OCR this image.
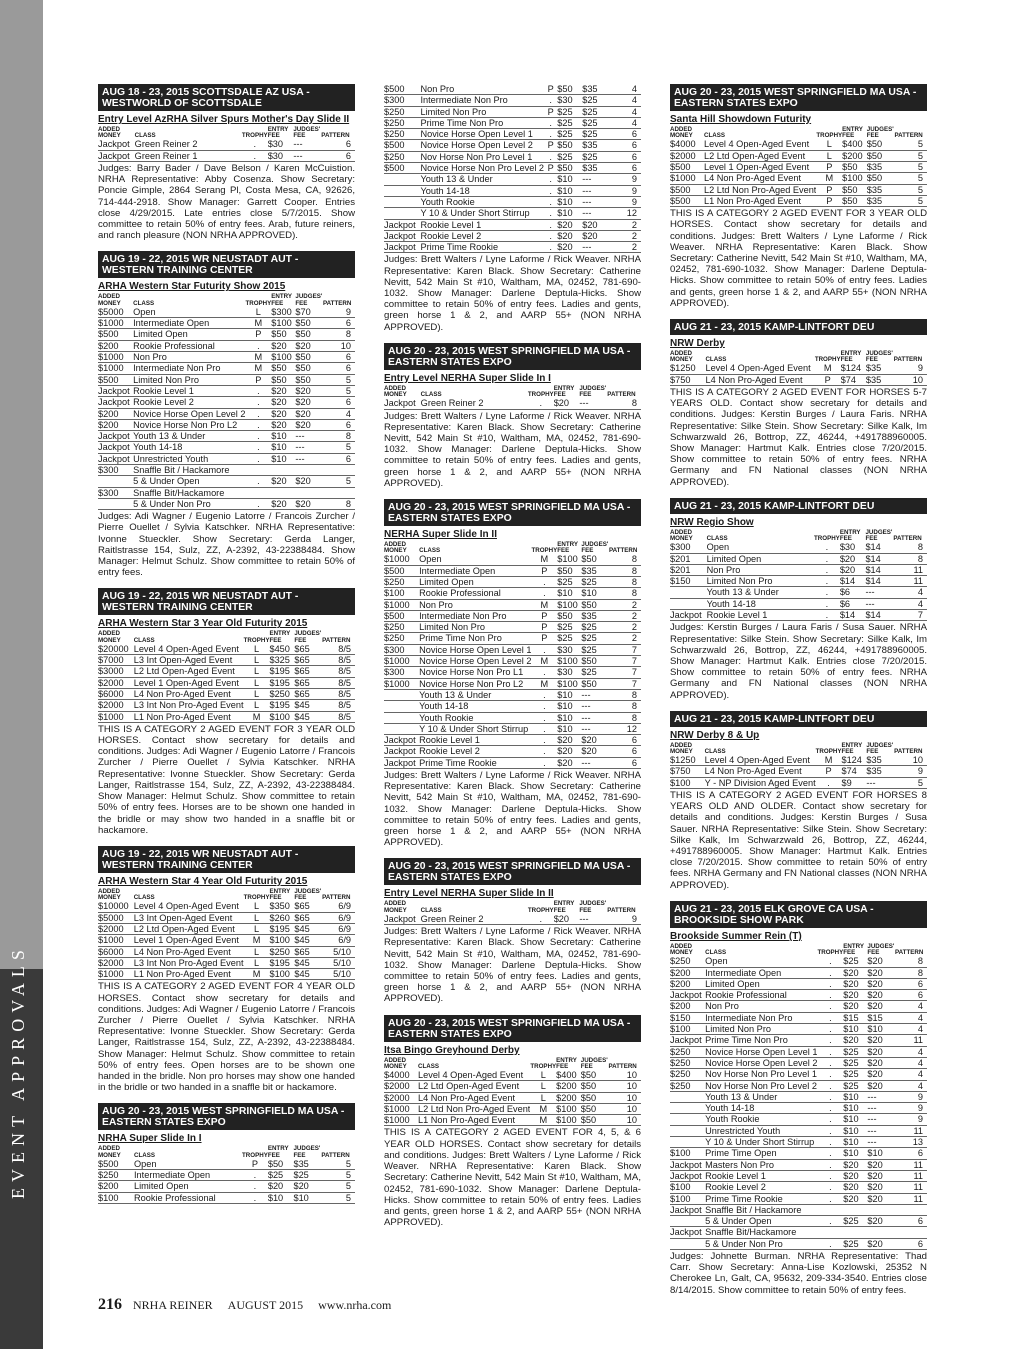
EVENT APPROVALS
AUG 18 - 23, 2015 SCOTTSDALE AZ USA - WESTWORLD OF SCOTTSDALE
Entry Level AzRHA Silver Spurs Mother's Day Slide II
ADDED MONEY	CLASS	TROPHY	ENTRY FEE	JUDGES' FEE	PATTERN
Jackpot	Green Reiner 2	.	$30	---	6
Jackpot	Green Reiner 1	.	$30	---	6
Judges: Barry Bader / Dave Belson / Karen McCuistion. NRHA Representative: Abby Cosenza. Show Secretary: Poncie Gimple, 2864 Serang Pl, Costa Mesa, CA, 92626, 714-444-2918. Show Manager: Garrett Cooper. Entries close 4/29/2015. Late entries close 5/7/2015. Show committee to retain 50% of entry fees. Arab, future reiners, and ranch pleasure (NON NRHA APPROVED).
AUG 19 - 22, 2015 WR NEUSTADT AUT - WESTERN TRAINING CENTER
ARHA Western Star Futurity Show 2015
ADDED MONEY	CLASS	TROPHY	ENTRY FEE	JUDGES' FEE	PATTERN
$5000	Open	L	$300	$70	9
$1000	Intermediate Open	M	$100	$50	6
$500	Limited Open	P	$50	$50	8
$200	Rookie Professional	.	$20	$20	10
$1000	Non Pro	M	$100	$50	6
$1000	Intermediate Non Pro	M	$50	$50	6
$500	Limited Non Pro	P	$50	$50	5
Jackpot	Rookie Level 1	.	$20	$20	5
Jackpot	Rookie Level 2	.	$20	$20	6
$200	Novice Horse Open Level 2	.	$20	$20	4
$200	Novice Horse Non Pro L2	.	$20	$20	6
Jackpot	Youth 13 & Under	.	$10	---	8
Jackpot	Youth 14-18	.	$10	---	5
Jackpot	Unrestricted Youth	.	$10	---	6
$300	Snaffle Bit / Hackamore				
	5 & Under Open	.	$20	$20	5
$300	Snaffle Bit/Hackamore				
	5 & Under Non Pro	.	$20	$20	8
Judges: Adi Wagner / Eugenio Latorre / Francois Zurcher / Pierre Ouellet / Sylvia Katschker. NRHA Representative: Ivonne Stueckler. Show Secretary: Gerda Langer, Raitlstrasse 154, Sulz, ZZ, A-2392, 43-22388484. Show Manager: Helmut Schulz. Show committee to retain 50% of entry fees.
AUG 19 - 22, 2015 WR NEUSTADT AUT - WESTERN TRAINING CENTER
ARHA Western Star 3 Year Old Futurity 2015
ADDED MONEY	CLASS	TROPHY	ENTRY FEE	JUDGES' FEE	PATTERN
$20000	Level 4 Open-Aged Event	L	$450	$65	8/5
$7000	L3 Int Open-Aged Event	L	$325	$65	8/5
$3000	L2 Ltd Open-Aged Event	L	$195	$65	8/5
$2000	Level 1 Open-Aged Event	L	$195	$65	8/5
$6000	L4 Non Pro-Aged Event	L	$250	$65	8/5
$2000	L3 Int Non Pro-Aged Event	L	$195	$45	8/5
$1000	L1 Non Pro-Aged Event	M	$100	$45	8/5
THIS IS A CATEGORY 2 AGED EVENT FOR 3 YEAR OLD HORSES. Contact show secretary for details and conditions. Judges: Adi Wagner / Eugenio Latorre / Francois Zurcher / Pierre Ouellet / Sylvia Katschker. NRHA Representative: Ivonne Stueckler. Show Secretary: Gerda Langer, Raitlstrasse 154, Sulz, ZZ, A-2392, 43-22388484. Show Manager: Helmut Schulz. Show committee to retain 50% of entry fees. Horses are to be shown one handed in the bridle or may show two handed in a snaffle bit or hackamore.
AUG 19 - 22, 2015 WR NEUSTADT AUT - WESTERN TRAINING CENTER
ARHA Western Star 4 Year Old Futurity 2015
ADDED MONEY	CLASS	TROPHY	ENTRY FEE	JUDGES' FEE	PATTERN
$10000	Level 4 Open-Aged Event	L	$350	$65	6/9
$5000	L3 Int Open-Aged Event	L	$260	$65	6/9
$2000	L2 Ltd Open-Aged Event	L	$195	$45	6/9
$1000	Level 1 Open-Aged Event	M	$100	$45	6/9
$6000	L4 Non Pro-Aged Event	L	$250	$65	5/10
$2000	L3 Int Non Pro-Aged Event	L	$195	$45	5/10
$1000	L1 Non Pro-Aged Event	M	$100	$45	5/10
THIS IS A CATEGORY 2 AGED EVENT FOR 4 YEAR OLD HORSES. Contact show secretary for details and conditions. Judges: Adi Wagner / Eugenio Latorre / Francois Zurcher / Pierre Ouellet / Sylvia Katschker. NRHA Representative: Ivonne Stueckler. Show Secretary: Gerda Langer, Raitlstrasse 154, Sulz, ZZ, A-2392, 43-22388484. Show Manager: Helmut Schulz. Show committee to retain 50% of entry fees. Open horses are to be shown one handed in the bridle. Non pro horses may show one handed in the bridle or two handed in a snaffle bit or hackamore.
AUG 20 - 23, 2015 WEST SPRINGFIELD MA USA - EASTERN STATES EXPO
NRHA Super Slide In I
ADDED MONEY	CLASS	TROPHY	ENTRY FEE	JUDGES' FEE	PATTERN
$500	Open	P	$50	$35	5
$250	Intermediate Open	.	$25	$25	5
$200	Limited Open	.	$20	$20	5
$100	Rookie Professional	.	$10	$10	5
$500	Non Pro	P	$50	$35	4
$300	Intermediate Non Pro	.	$30	$25	4
$250	Limited Non Pro	P	$25	$25	4
$250	Prime Time Non Pro	.	$25	$25	4
$250	Novice Horse Open Level 1	.	$25	$25	6
$500	Novice Horse Open Level 2	P	$50	$35	6
$250	Nov Horse Non Pro Level 1	.	$25	$25	6
$500	Novice Horse Non Pro Level 2	P	$50	$35	6
	Youth 13 & Under	.	$10	---	9
	Youth 14-18	.	$10	---	9
	Youth Rookie	.	$10	---	9
	Y 10 & Under Short Stirrup	.	$10	---	12
Jackpot	Rookie Level 1	.	$20	$20	2
Jackpot	Rookie Level 2	.	$20	$20	2
Jackpot	Prime Time Rookie	.	$20	---	2
Judges: Brett Walters / Lyne Laforme / Rick Weaver. NRHA Representative: Karen Black. Show Secretary: Catherine Nevitt, 542 Main St #10, Waltham, MA, 02452, 781-690-1032. Show Manager: Darlene Deptula-Hicks. Show committee to retain 50% of entry fees. Ladies and gents, green horse 1 & 2, and AARP 55+ (NON NRHA APPROVED).
AUG 20 - 23, 2015 WEST SPRINGFIELD MA USA - EASTERN STATES EXPO
Entry Level NERHA Super Slide In I
ADDED MONEY	CLASS	TROPHY	ENTRY FEE	JUDGES' FEE	PATTERN
Jackpot	Green Reiner 2	.	$20	---	8
Judges: Brett Walters / Lyne Laforme / Rick Weaver. NRHA Representative: Karen Black. Show Secretary: Catherine Nevitt, 542 Main St #10, Waltham, MA, 02452, 781-690-1032. Show Manager: Darlene Deptula-Hicks. Show committee to retain 50% of entry fees. Ladies and gents, green horse 1 & 2, and AARP 55+ (NON NRHA APPROVED).
AUG 20 - 23, 2015 WEST SPRINGFIELD MA USA - EASTERN STATES EXPO
NERHA Super Slide In II
ADDED MONEY	CLASS	TROPHY	ENTRY FEE	JUDGES' FEE	PATTERN
$1000	Open	M	$100	$50	8
$500	Intermediate Open	P	$50	$35	8
$250	Limited Open	.	$25	$25	8
$100	Rookie Professional	.	$10	$10	8
$1000	Non Pro	M	$100	$50	2
$500	Intermediate Non Pro	P	$50	$35	2
$250	Limited Non Pro	P	$25	$25	2
$250	Prime Time Non Pro	P	$25	$25	2
$300	Novice Horse Open Level 1	.	$30	$25	7
$1000	Novice Horse Open Level 2	M	$100	$50	7
$300	Novice Horse Non Pro L1	.	$30	$25	7
$1000	Novice Horse Non Pro L2	M	$100	$50	7
	Youth 13 & Under	.	$10	---	8
	Youth 14-18	.	$10	---	8
	Youth Rookie	.	$10	---	8
	Y 10 & Under Short Stirrup	.	$10	---	12
Jackpot	Rookie Level 1	.	$20	$20	6
Jackpot	Rookie Level 2	.	$20	$20	6
Jackpot	Prime Time Rookie	.	$20	---	6
Judges: Brett Walters / Lyne Laforme / Rick Weaver. NRHA Representative: Karen Black. Show Secretary: Catherine Nevitt, 542 Main St #10, Waltham, MA, 02452, 781-690-1032. Show Manager: Darlene Deptula-Hicks. Show committee to retain 50% of entry fees. Ladies and gents, green horse 1 & 2, and AARP 55+ (NON NRHA APPROVED).
AUG 20 - 23, 2015 WEST SPRINGFIELD MA USA - EASTERN STATES EXPO
Entry Level NERHA Super Slide In II
ADDED MONEY	CLASS	TROPHY	ENTRY FEE	JUDGES' FEE	PATTERN
Jackpot	Green Reiner 2	.	$20	---	9
Judges: Brett Walters / Lyne Laforme / Rick Weaver. NRHA Representative: Karen Black. Show Secretary: Catherine Nevitt, 542 Main St #10, Waltham, MA, 02452, 781-690-1032. Show Manager: Darlene Deptula-Hicks. Show committee to retain 50% of entry fees. Ladies and gents, green horse 1 & 2, and AARP 55+ (NON NRHA APPROVED).
AUG 20 - 23, 2015 WEST SPRINGFIELD MA USA - EASTERN STATES EXPO
Itsa Bingo Greyhound Derby
ADDED MONEY	CLASS	TROPHY	ENTRY FEE	JUDGES' FEE	PATTERN
$4000	Level 4 Open-Aged Event	L	$400	$50	10
$2000	L2 Ltd Open-Aged Event	L	$200	$50	10
$2000	L4 Non Pro-Aged Event	L	$200	$50	10
$1000	L2 Ltd Non Pro-Aged Event	M	$100	$50	10
$1000	L1 Non Pro-Aged Event	M	$100	$50	10
THIS IS A CATEGORY 2 AGED EVENT FOR 4, 5, & 6 YEAR OLD HORSES. Contact show secretary for details and conditions. Judges: Brett Walters / Lyne Laforme / Rick Weaver. NRHA Representative: Karen Black. Show Secretary: Catherine Nevitt, 542 Main St #10, Waltham, MA, 02452, 781-690-1032. Show Manager: Darlene Deptula-Hicks. Show committee to retain 50% of entry fees. Ladies and gents, green horse 1 & 2, and AARP 55+ (NON NRHA APPROVED).
AUG 20 - 23, 2015 WEST SPRINGFIELD MA USA - EASTERN STATES EXPO
Santa Hill Showdown Futurity
ADDED MONEY	CLASS	TROPHY	ENTRY FEE	JUDGES' FEE	PATTERN
$4000	Level 4 Open-Aged Event	L	$400	$50	5
$2000	L2 Ltd Open-Aged Event	L	$200	$50	5
$500	Level 1 Open-Aged Event	P	$50	$35	5
$1000	L4 Non Pro-Aged Event	M	$100	$50	5
$500	L2 Ltd Non Pro-Aged Event	P	$50	$35	5
$500	L1 Non Pro-Aged Event	P	$50	$35	5
THIS IS A CATEGORY 2 AGED EVENT FOR 3 YEAR OLD HORSES. Contact show secretary for details and conditions. Judges: Brett Walters / Lyne Laforme / Rick Weaver. NRHA Representative: Karen Black. Show Secretary: Catherine Nevitt, 542 Main St #10, Waltham, MA, 02452, 781-690-1032. Show Manager: Darlene Deptula-Hicks. Show committee to retain 50% of entry fees. Ladies and gents, green horse 1 & 2, and AARP 55+ (NON NRHA APPROVED).
AUG 21 - 23, 2015 KAMP-LINTFORT DEU
NRW Derby
ADDED MONEY	CLASS	TROPHY	ENTRY FEE	JUDGES' FEE	PATTERN
$1250	Level 4 Open-Aged Event	M	$124	$35	9
$750	L4 Non Pro-Aged Event	P	$74	$35	10
THIS IS A CATEGORY 2 AGED EVENT FOR HORSES 5-7 YEARS OLD. Contact show secretary for details and conditions. Judges: Kerstin Burges / Laura Faris. NRHA Representative: Silke Stein. Show Secretary: Silke Kalk, Im Schwarzwald 26, Bottrop, ZZ, 46244, +491788960005. Show Manager: Hartmut Kalk. Entries close 7/20/2015. Show committee to retain 50% of entry fees. NRHA Germany and FN National classes (NON NRHA APPROVED).
AUG 21 - 23, 2015 KAMP-LINTFORT DEU
NRW Regio Show
ADDED MONEY	CLASS	TROPHY	ENTRY FEE	JUDGES' FEE	PATTERN
$300	Open	.	$30	$14	8
$201	Limited Open	.	$20	$14	8
$201	Non Pro	.	$20	$14	11
$150	Limited Non Pro	.	$14	$14	11
	Youth 13 & Under	.	$6	---	4
	Youth 14-18	.	$6	---	4
Jackpot	Rookie Level 1	.	$14	$14	7
Judges: Kerstin Burges / Laura Faris / Susa Sauer. NRHA Representative: Silke Stein. Show Secretary: Silke Kalk, Im Schwarzwald 26, Bottrop, ZZ, 46244, +491788960005. Show Manager: Hartmut Kalk. Entries close 7/20/2015. Show committee to retain 50% of entry fees. NRHA Germany and FN National classes (NON NRHA APPROVED).
AUG 21 - 23, 2015 KAMP-LINTFORT DEU
NRW Derby 8 & Up
ADDED MONEY	CLASS	TROPHY	ENTRY FEE	JUDGES' FEE	PATTERN
$1250	Level 4 Open-Aged Event	M	$124	$35	10
$750	L4 Non Pro-Aged Event	P	$74	$35	9
$100	Y - NP Division Aged Event	.	$9	---	5
THIS IS A CATEGORY 2 AGED EVENT FOR HORSES 8 YEARS OLD AND OLDER. Contact show secretary for details and conditions. Judges: Kerstin Burges / Susa Sauer. NRHA Representative: Silke Stein. Show Secretary: Silke Kalk, Im Schwarzwald 26, Bottrop, ZZ, 46244, +491788960005. Show Manager: Hartmut Kalk. Entries close 7/20/2015. Show committee to retain 50% of entry fees. NRHA Germany and FN National classes (NON NRHA APPROVED).
AUG 21 - 23, 2015 ELK GROVE CA USA - BROOKSIDE SHOW PARK
Brookside Summer Rein (T)
ADDED MONEY	CLASS	TROPHY	ENTRY FEE	JUDGES' FEE	PATTERN
$250	Open	.	$25	$20	8
$200	Intermediate Open	.	$20	$20	8
$200	Limited Open	.	$20	$20	6
Jackpot	Rookie Professional	.	$20	$20	6
$200	Non Pro	.	$20	$20	4
$150	Intermediate Non Pro	.	$15	$15	4
$100	Limited Non Pro	.	$10	$10	4
Jackpot	Prime Time Non Pro	.	$20	$20	11
$250	Novice Horse Open Level 1	.	$25	$20	4
$250	Novice Horse Open Level 2	.	$25	$20	4
$250	Nov Horse Non Pro Level 1	.	$25	$20	4
$250	Nov Horse Non Pro Level 2	.	$25	$20	4
	Youth 13 & Under	.	$10	---	9
	Youth 14-18	.	$10	---	9
	Youth Rookie	.	$10	---	9
	Unrestricted Youth	.	$10	---	11
	Y 10 & Under Short Stirrup	.	$10	---	13
$100	Prime Time Open	.	$10	$10	6
Jackpot	Masters Non Pro	.	$20	$20	11
Jackpot	Rookie Level 1	.	$20	$20	11
$100	Rookie Level 2	.	$20	$20	11
$100	Prime Time Rookie	.	$20	$20	11
Jackpot	Snaffle Bit / Hackamore				
	5 & Under Open	.	$25	$20	6
Jackpot	Snaffle Bit/Hackamore				
	5 & Under Non Pro	.	$25	$20	6
Judges: Johnette Burman. NRHA Representative: Thad Carr. Show Secretary: Anna-Lise Kozlowski, 25352 N Cherokee Ln, Galt, CA, 95632, 209-334-3540. Entries close 8/14/2015. Show committee to retain 50% of entry fees.
216 NRHA REINER AUGUST 2015 www.nrha.com
